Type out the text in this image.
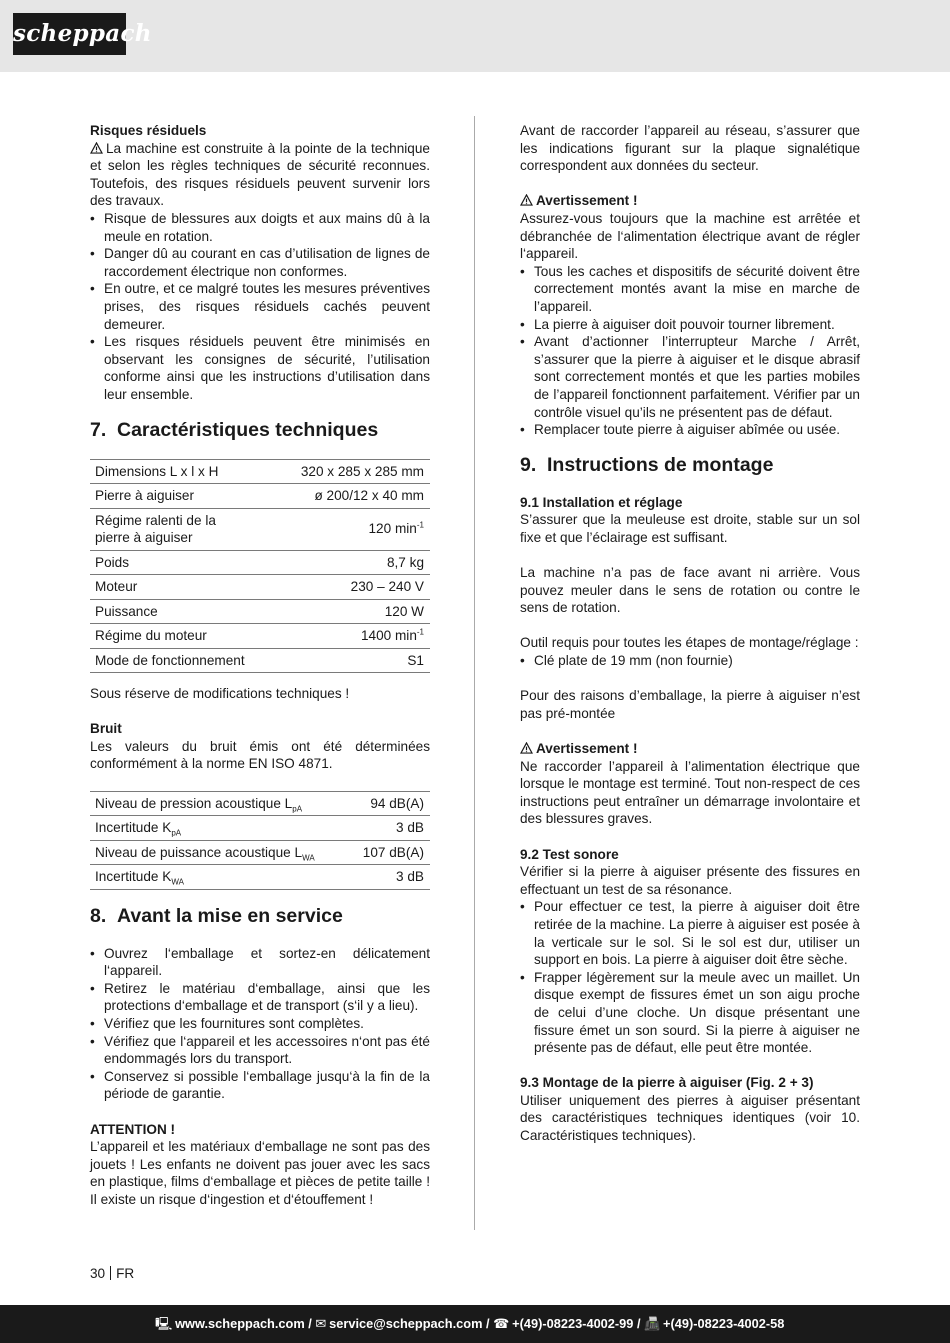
scheppach

Risques résiduels

La machine est construite à la pointe de la technique et selon les règles techniques de sécurité reconnues. Toutefois, des risques résiduels peuvent survenir lors des travaux.

• Risque de blessures aux doigts et aux mains dû à la meule en rotation.
• Danger dû au courant en cas d’utilisation de lignes de raccordement électrique non conformes.
• En outre, et ce malgré toutes les mesures préventives prises, des risques résiduels cachés peuvent demeurer.
• Les risques résiduels peuvent être minimisés en observant les consignes de sécurité, l’utilisation conforme ainsi que les instructions d’utilisation dans leur ensemble.
7. Caractéristiques techniques
Dimensions L x l x H	320 x 285 x 285 mm
Pierre à aiguiser	ø 200/12 x 40 mm
Régime ralenti de la pierre à aiguiser	120 $\min^{-1}$
Poids	8,7 kg
Moteur	230 – 240 V
Puissance	120 W
Régime du moteur	1400 $\min^{-1}$
Mode de fonctionnement	S1

Sous réserve de modifications techniques !

Bruit

Les valeurs du bruit émis ont été déterminées conformément à la norme EN ISO 4871.

Niveau de pression acoustique $L_{pA}$	94 dB(A)
Incertitude $K_{pA}$	3 dB
Niveau de puissance acoustique $L_{WA}$	107 dB(A)
Incertitude $K_{WA}$	3 dB
8. Avant la mise en service
• Ouvrez l‘emballage et sortez-en délicatement l‘appareil.
• Retirez le matériau d‘emballage, ainsi que les protections d‘emballage et de transport (s‘il y a lieu).
• Vérifiez que les fournitures sont complètes.
• Vérifiez que l‘appareil et les accessoires n‘ont pas été endommagés lors du transport.
• Conservez si possible l‘emballage jusqu‘à la fin de la période de garantie.

ATTENTION !

L’appareil et les matériaux d‘emballage ne sont pas des jouets ! Les enfants ne doivent pas jouer avec les sacs en plastique, films d‘emballage et pièces de petite taille ! Il existe un risque d‘ingestion et d‘étouffement !

Avant de raccorder l’appareil au réseau, s’assurer que les indications figurant sur la plaque signalétique correspondent aux données du secteur.

Avertissement !

Assurez-vous toujours que la machine est arrêtée et débranchée de l‘alimentation électrique avant de régler l‘appareil.

• Tous les caches et dispositifs de sécurité doivent être correctement montés avant la mise en marche de l’appareil.
• La pierre à aiguiser doit pouvoir tourner librement.
• Avant d’actionner l’interrupteur Marche / Arrêt, s’assurer que la pierre à aiguiser et le disque abrasif sont correctement montés et que les parties mobiles de l’appareil fonctionnent parfaitement. Vérifier par un contrôle visuel qu’ils ne présentent pas de défaut.
• Remplacer toute pierre à aiguiser abîmée ou usée.
9. Instructions de montage

9.1 Installation et réglage

S’assurer que la meuleuse est droite, stable sur un sol fixe et que l’éclairage est suffisant.

La machine n’a pas de face avant ni arrière. Vous pouvez meuler dans le sens de rotation ou contre le sens de rotation.

Outil requis pour toutes les étapes de montage/réglage :

• Clé plate de 19 mm (non fournie)

Pour des raisons d’emballage, la pierre à aiguiser n’est pas pré-montée

Avertissement !

Ne raccorder l’appareil à l’alimentation électrique que lorsque le montage est terminé. Tout non-respect de ces instructions peut entraîner un démarrage involontaire et des blessures graves.

9.2 Test sonore

Vérifier si la pierre à aiguiser présente des fissures en effectuant un test de sa résonance.

• Pour effectuer ce test, la pierre à aiguiser doit être retirée de la machine. La pierre à aiguiser est posée à la verticale sur le sol. Si le sol est dur, utiliser un support en bois. La pierre à aiguiser doit être sèche.
• Frapper légèrement sur la meule avec un maillet. Un disque exempt de fissures émet un son aigu proche de celui d’une cloche. Un disque présentant une fissure émet un son sourd. Si la pierre à aiguiser ne présente pas de défaut, elle peut être montée.

9.3 Montage de la pierre à aiguiser (Fig. 2 + 3)

Utiliser uniquement des pierres à aiguiser présentant des caractéristiques techniques identiques (voir 10. Caractéristiques techniques).

30 FR
🖳 www.scheppach.com / ✉ service@scheppach.com / ☎ +(49)-08223-4002-99 / 📠 +(49)-08223-4002-58
